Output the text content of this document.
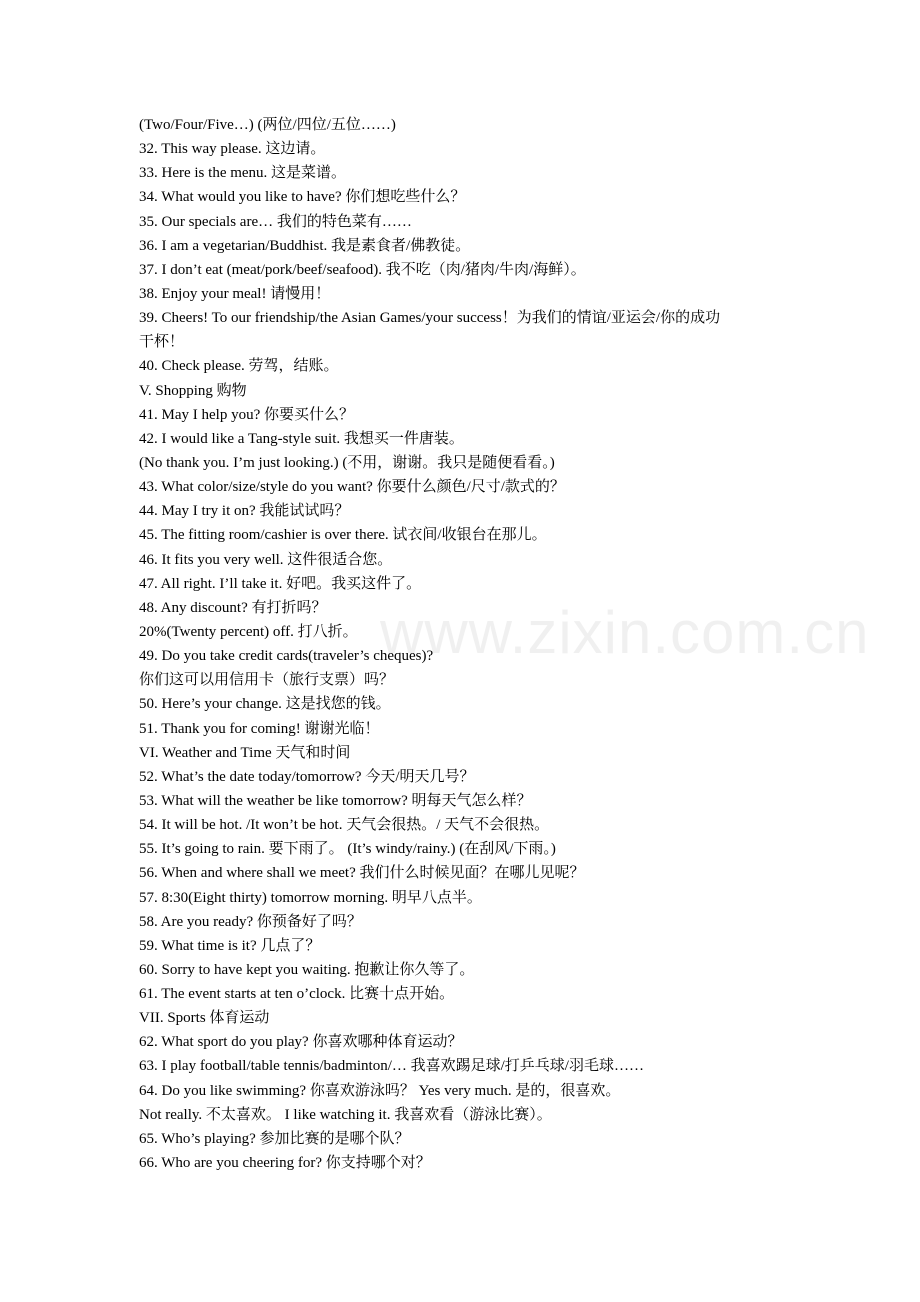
www.zixin.com.cn
(Two/Four/Five…) (两位/四位/五位……)
32. This way please. 这边请。
33. Here is the menu. 这是菜谱。
34. What would you like to have? 你们想吃些什么？
35. Our specials are… 我们的特色菜有……
36. I am a vegetarian/Buddhist. 我是素食者/佛教徒。
37. I don’t eat (meat/pork/beef/seafood). 我不吃（肉/猪肉/牛肉/海鲜）。
38. Enjoy your meal! 请慢用！
39. Cheers! To our friendship/the Asian Games/your success！为我们的情谊/亚运会/你的成功
干杯！
40. Check please. 劳驾，结账。
V. Shopping 购物
41. May I help you? 你要买什么？
42. I would like a Tang-style suit. 我想买一件唐装。
(No thank you. I’m just looking.) (不用，谢谢。我只是随便看看。)
43. What color/size/style do you want? 你要什么颜色/尺寸/款式的？
44. May I try it on? 我能试试吗？
45. The fitting room/cashier is over there. 试衣间/收银台在那儿。
46. It fits you very well. 这件很适合您。
47. All right. I’ll take it. 好吧。我买这件了。
48. Any discount? 有打折吗？
20%(Twenty percent) off. 打八折。
49. Do you take credit cards(traveler’s cheques)?
你们这可以用信用卡（旅行支票）吗？
50. Here’s your change. 这是找您的钱。
51. Thank you for coming! 谢谢光临！
VI. Weather and Time 天气和时间
52. What’s the date today/tomorrow? 今天/明天几号？
53. What will the weather be like tomorrow? 明每天气怎么样？
54. It will be hot. /It won’t be hot. 天气会很热。/ 天气不会很热。
55. It’s going to rain. 要下雨了。 (It’s windy/rainy.) (在刮风/下雨。)
56. When and where shall we meet? 我们什么时候见面？在哪儿见呢？
57. 8:30(Eight thirty) tomorrow morning. 明早八点半。
58. Are you ready? 你预备好了吗？
59. What time is it? 几点了？
60. Sorry to have kept you waiting. 抱歉让你久等了。
61. The event starts at ten o’clock. 比赛十点开始。
VII. Sports 体育运动
62. What sport do you play? 你喜欢哪种体育运动？
63. I play football/table tennis/badminton/… 我喜欢踢足球/打乒乓球/羽毛球……
64. Do you like swimming? 你喜欢游泳吗？ Yes very much. 是的，很喜欢。
Not really. 不太喜欢。 I like watching it. 我喜欢看（游泳比赛）。
65. Who’s playing? 参加比赛的是哪个队？
66. Who are you cheering for? 你支持哪个对？
